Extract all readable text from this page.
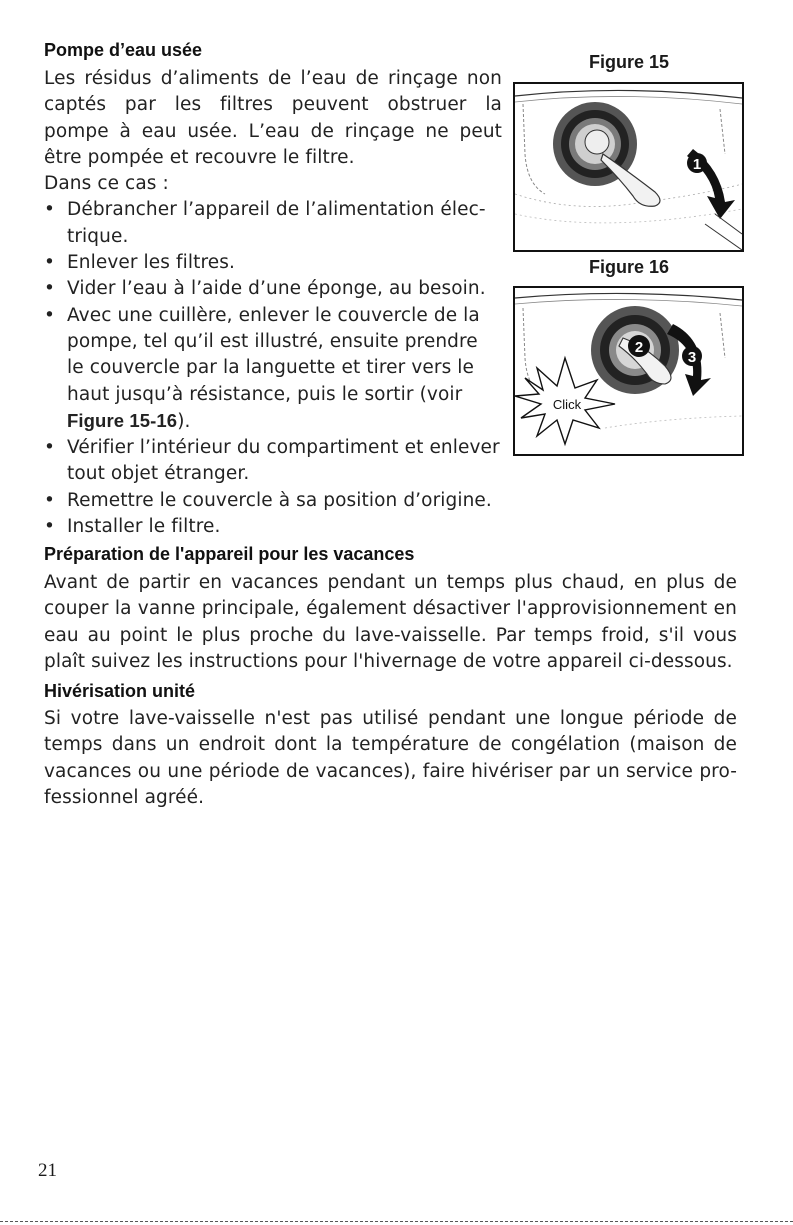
Pompe d’eau usée
Les résidus d’aliments de l’eau de rinçage non
captés par les filtres peuvent obstruer la
pompe à eau usée. L’eau de rinçage ne peut
être pompée et recouvre le filtre.
Dans ce cas :
• Débrancher l’appareil de l’alimentation élec-
trique.
• Enlever les filtres.
• Vider l’eau à l’aide d’une éponge, au besoin.
• Avec une cuillère, enlever le couvercle de la
pompe, tel qu’il est illustré, ensuite prendre
le couvercle par la languette et tirer vers le
haut jusqu’à résistance, puis le sortir (voir
Figure 15-16).
• Vérifier l’intérieur du compartiment et enlever
tout objet étranger.
• Remettre le couvercle à sa position d’origine.
• Installer le filtre.
Figure 15
1
Figure 16
2
3
Click
Préparation de l'appareil pour les vacances
Avant de partir en vacances pendant un temps plus chaud, en plus de
couper la vanne principale, également désactiver l'approvisionnement en
eau au point le plus proche du lave-vaisselle. Par temps froid, s'il vous
plaît suivez les instructions pour l'hivernage de votre appareil ci-dessous.
Hivérisation unité
Si votre lave-vaisselle n'est pas utilisé pendant une longue période de
temps dans un endroit dont la température de congélation (maison de
vacances ou une période de vacances), faire hivériser par un service pro-
fessionnel agréé.
21
